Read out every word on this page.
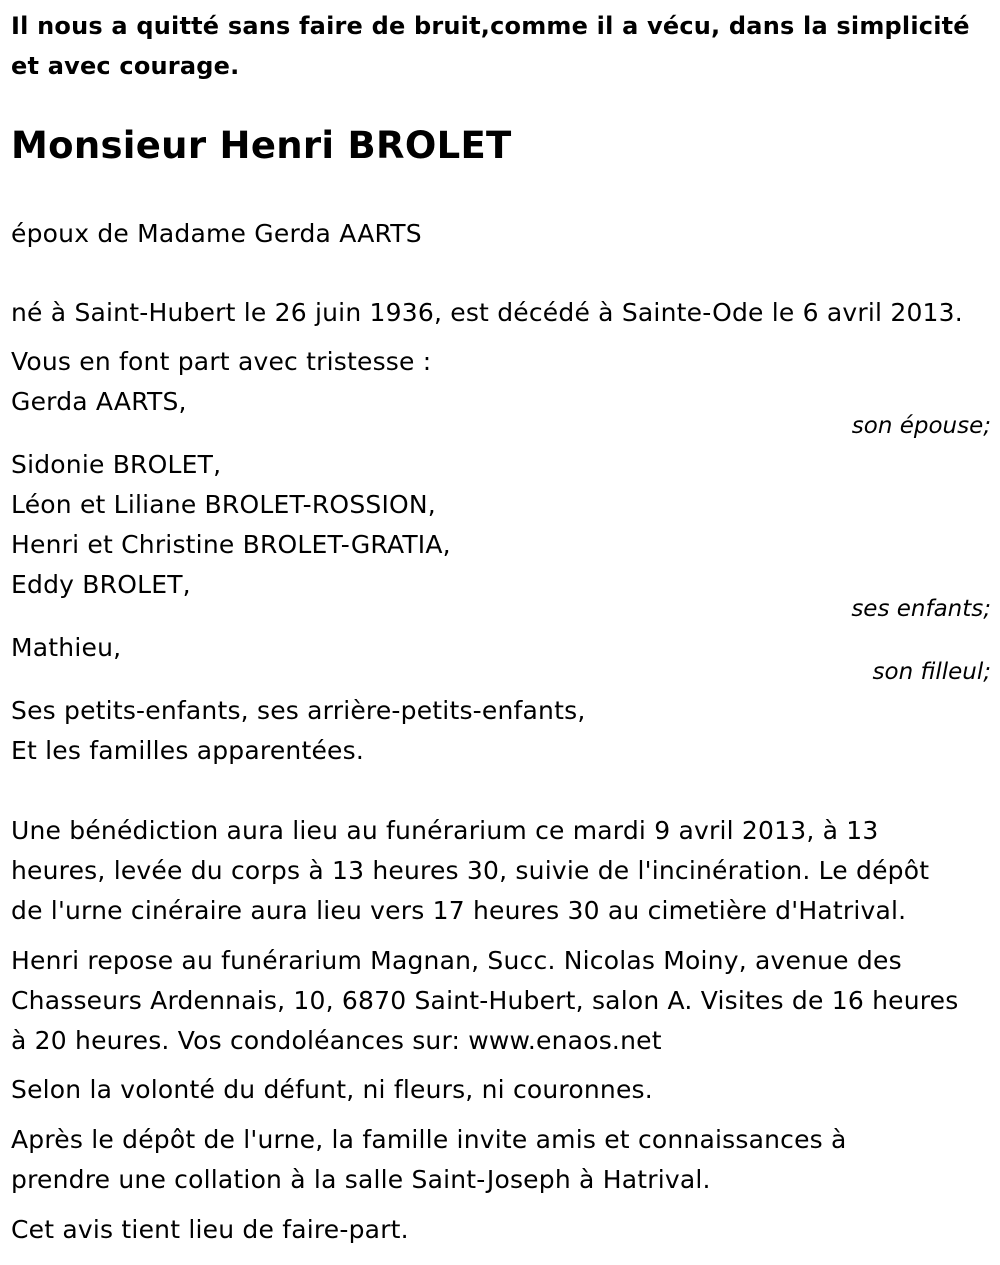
Il nous a quitté sans faire de bruit,comme il a vécu, dans la simplicité
et avec courage.
Monsieur Henri BROLET
époux de Madame Gerda AARTS
né à Saint-Hubert le 26 juin 1936, est décédé à Sainte-Ode le 6 avril 2013.
Vous en font part avec tristesse :
Gerda AARTS,
son épouse;
Sidonie BROLET,
Léon et Liliane BROLET-ROSSION,
Henri et Christine BROLET-GRATIA,
Eddy BROLET,
ses enfants;
Mathieu,
son filleul;
Ses petits-enfants, ses arrière-petits-enfants,
Et les familles apparentées.
Une bénédiction aura lieu au funérarium ce mardi 9 avril 2013, à 13
heures, levée du corps à 13 heures 30, suivie de l'incinération. Le dépôt
de l'urne cinéraire aura lieu vers 17 heures 30 au cimetière d'Hatrival.
Henri repose au funérarium Magnan, Succ. Nicolas Moiny, avenue des
Chasseurs Ardennais, 10, 6870 Saint-Hubert, salon A. Visites de 16 heures
à 20 heures. Vos condoléances sur: www.enaos.net
Selon la volonté du défunt, ni fleurs, ni couronnes.
Après le dépôt de l'urne, la famille invite amis et connaissances à
prendre une collation à la salle Saint-Joseph à Hatrival.
Cet avis tient lieu de faire-part.
